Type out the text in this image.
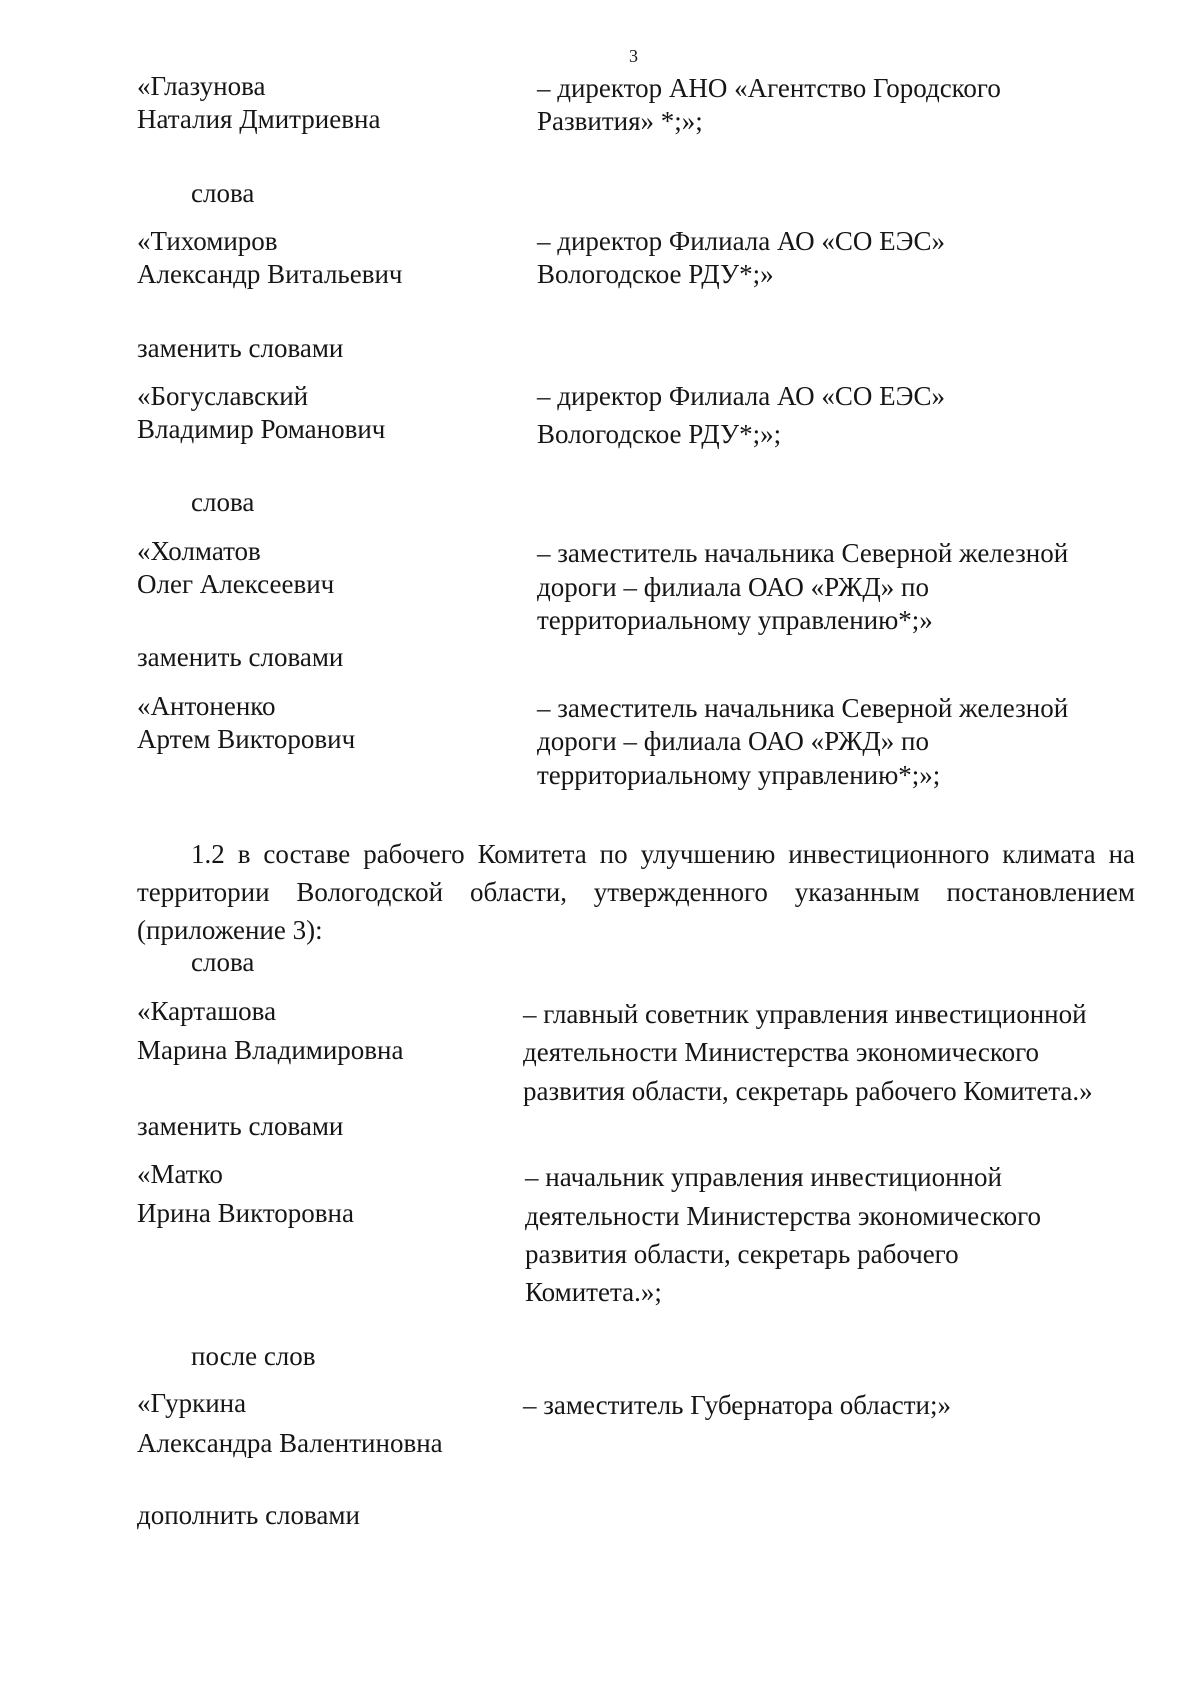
3
«Глазунова
Наталия Дмитриевна
– директор АНО «Агентство Городского
Развития» *;»;
слова
«Тихомиров
Александр Витальевич
– директор Филиала АО «СО ЕЭС»
Вологодское РДУ*;»
заменить словами
«Богуславский
Владимир Романович
– директор Филиала АО «СО ЕЭС»
Вологодское РДУ*;»;
слова
«Холматов
Олег Алексеевич
– заместитель начальника Северной железной
дороги – филиала ОАО «РЖД» по
территориальному управлению*;»
заменить словами
«Антоненко
Артем Викторович
– заместитель начальника Северной железной
дороги – филиала ОАО «РЖД» по
территориальному управлению*;»;
1.2 в составе рабочего Комитета по улучшению инвестиционного климата на территории Вологодской области, утвержденного указанным постановлением (приложение 3):
слова
«Карташова
Марина Владимировна
– главный советник управления инвестиционной
деятельности Министерства экономического
развития области, секретарь рабочего Комитета.»
заменить словами
«Матко
Ирина Викторовна
– начальник управления инвестиционной
деятельности Министерства экономического
развития области, секретарь рабочего
Комитета.»;
после слов
«Гуркина
Александра Валентиновна
– заместитель Губернатора области;»
дополнить словами
